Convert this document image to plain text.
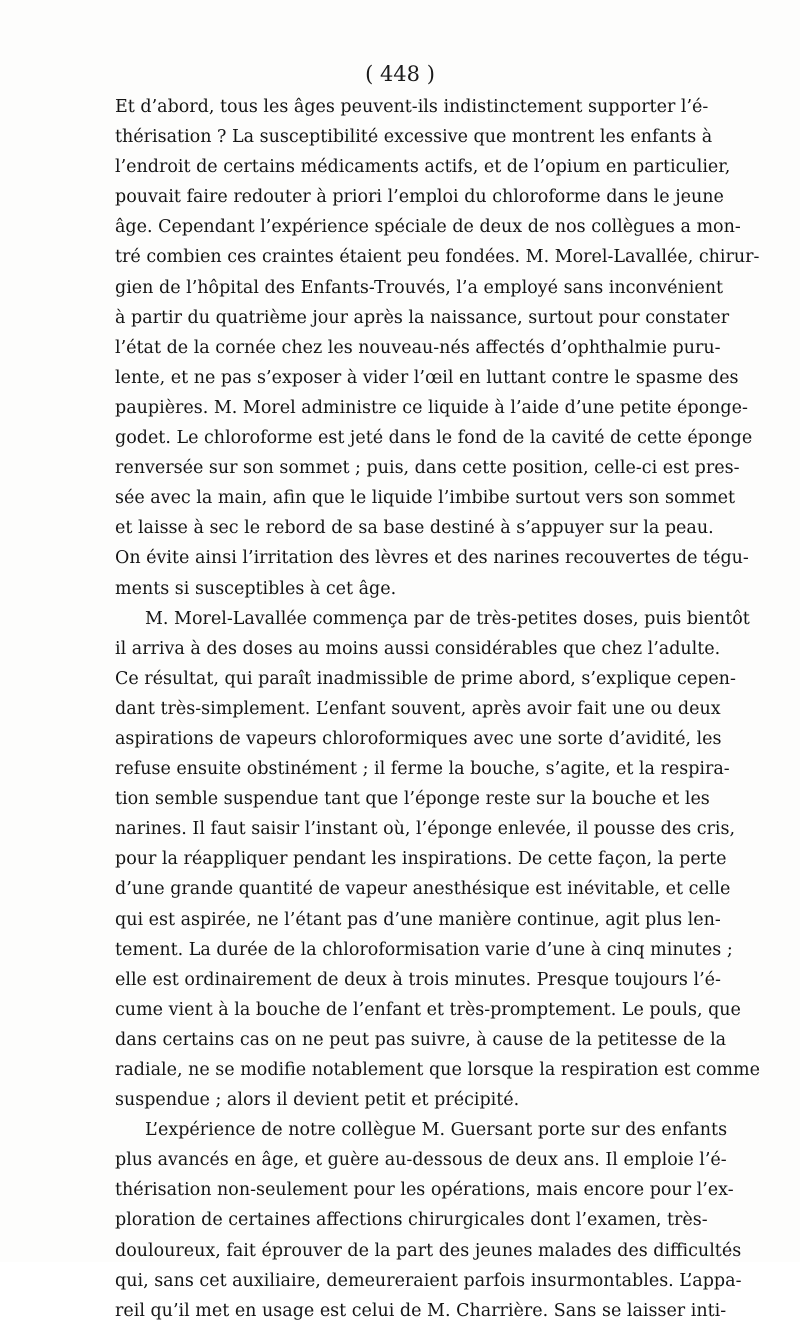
( 448 )
Et d’abord, tous les âges peuvent-ils indistinctement supporter l’é-
thérisation ? La susceptibilité excessive que montrent les enfants à
l’endroit de certains médicaments actifs, et de l’opium en particulier,
pouvait faire redouter à priori l’emploi du chloroforme dans le jeune
âge. Cependant l’expérience spéciale de deux de nos collègues a mon-
tré combien ces craintes étaient peu fondées. M. Morel-Lavallée, chirur-
gien de l’hôpital des Enfants-Trouvés, l’a employé sans inconvénient
à partir du quatrième jour après la naissance, surtout pour constater
l’état de la cornée chez les nouveau-nés affectés d’ophthalmie puru-
lente, et ne pas s’exposer à vider l’œil en luttant contre le spasme des
paupières. M. Morel administre ce liquide à l’aide d’une petite éponge-
godet. Le chloroforme est jeté dans le fond de la cavité de cette éponge
renversée sur son sommet ; puis, dans cette position, celle-ci est pres-
sée avec la main, afin que le liquide l’imbibe surtout vers son sommet
et laisse à sec le rebord de sa base destiné à s’appuyer sur la peau.
On évite ainsi l’irritation des lèvres et des narines recouvertes de tégu-
ments si susceptibles à cet âge.
M. Morel-Lavallée commença par de très-petites doses, puis bientôt
il arriva à des doses au moins aussi considérables que chez l’adulte.
Ce résultat, qui paraît inadmissible de prime abord, s’explique cepen-
dant très-simplement. L’enfant souvent, après avoir fait une ou deux
aspirations de vapeurs chloroformiques avec une sorte d’avidité, les
refuse ensuite obstinément ; il ferme la bouche, s’agite, et la respira-
tion semble suspendue tant que l’éponge reste sur la bouche et les
narines. Il faut saisir l’instant où, l’éponge enlevée, il pousse des cris,
pour la réappliquer pendant les inspirations. De cette façon, la perte
d’une grande quantité de vapeur anesthésique est inévitable, et celle
qui est aspirée, ne l’étant pas d’une manière continue, agit plus len-
tement. La durée de la chloroformisation varie d’une à cinq minutes ;
elle est ordinairement de deux à trois minutes. Presque toujours l’é-
cume vient à la bouche de l’enfant et très-promptement. Le pouls, que
dans certains cas on ne peut pas suivre, à cause de la petitesse de la
radiale, ne se modifie notablement que lorsque la respiration est comme
suspendue ; alors il devient petit et précipité.
L’expérience de notre collègue M. Guersant porte sur des enfants
plus avancés en âge, et guère au-dessous de deux ans. Il emploie l’é-
thérisation non-seulement pour les opérations, mais encore pour l’ex-
ploration de certaines affections chirurgicales dont l’examen, très-
douloureux, fait éprouver de la part des jeunes malades des difficultés
qui, sans cet auxiliaire, demeureraient parfois insurmontables. L’appa-
reil qu’il met en usage est celui de M. Charrière. Sans se laisser inti-
